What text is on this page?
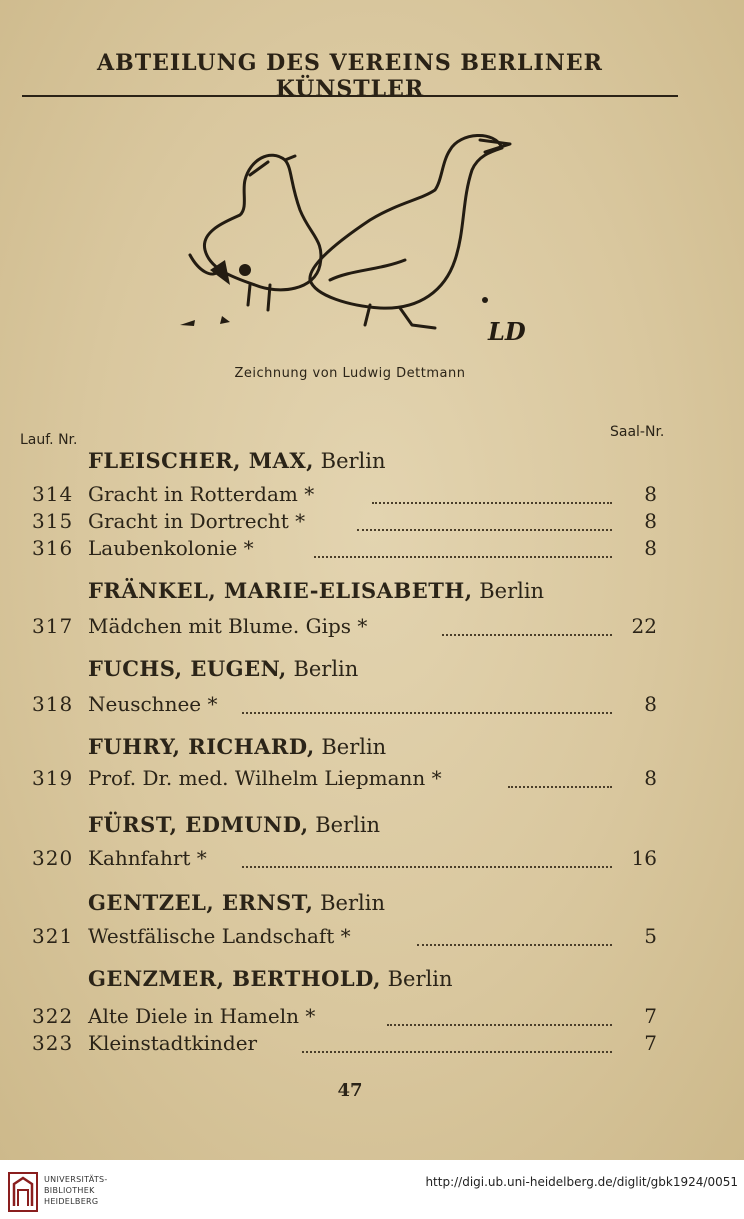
ABTEILUNG DES VEREINS BERLINER KÜNSTLER
LD
Zeichnung von Ludwig Dettmann
Lauf. Nr.	Saal-Nr.
FLEISCHER, MAX, Berlin
314 Gracht in Rotterdam *	8
315 Gracht in Dortrecht *	8
316 Laubenkolonie *	8
FRÄNKEL, MARIE-ELISABETH, Berlin
317 Mädchen mit Blume. Gips *	22
FUCHS, EUGEN, Berlin
318 Neuschnee *	8
FUHRY, RICHARD, Berlin
319 Prof. Dr. med. Wilhelm Liepmann *	8
FÜRST, EDMUND, Berlin
320 Kahnfahrt *	16
GENTZEL, ERNST, Berlin
321 Westfälische Landschaft *	5
GENZMER, BERTHOLD, Berlin
322 Alte Diele in Hameln *	7
323 Kleinstadtkinder	7
47
UNIVERSITÄTS-
BIBLIOTHEK
HEIDELBERG
http://digi.ub.uni-heidelberg.de/diglit/gbk1924/0051
